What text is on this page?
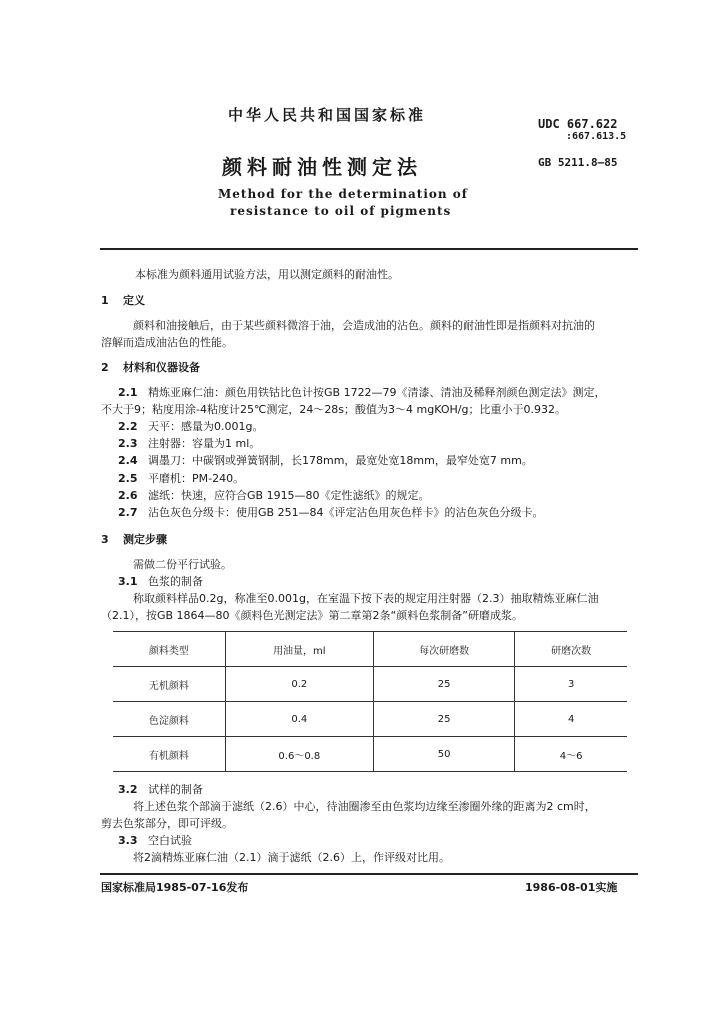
中华人民共和国国家标准	UDC 667.622
:667.613.5
颜料耐油性测定法	GB 5211.8—85
Method for the determination of
resistance to oil of pigments
本标准为颜料通用试验方法，用以测定颜料的耐油性。
1 定义
颜料和油接触后，由于某些颜料微溶于油，会造成油的沾色。颜料的耐油性即是指颜料对抗油的
溶解而造成油沾色的性能。
2 材料和仪器设备
2.1 精炼亚麻仁油：颜色用铁钴比色计按GB 1722—79《清漆、清油及稀释剂颜色测定法》测定，
不大于9；粘度用涂-4粘度计25℃测定，24～28s；酸值为3～4 mgKOH/g；比重小于0.932。
2.2 天平：感量为0.001g。
2.3 注射器：容量为1 ml。
2.4 调墨刀：中碳钢或弹簧钢制，长178mm，最宽处宽18mm，最窄处宽7 mm。
2.5 平磨机：PM-240。
2.6 滤纸：快速，应符合GB 1915—80《定性滤纸》的规定。
2.7 沾色灰色分级卡：使用GB 251—84《评定沾色用灰色样卡》的沾色灰色分级卡。
3 测定步骤
需做二份平行试验。
3.1 色浆的制备
称取颜料样品0.2g，称准至0.001g，在室温下按下表的规定用注射器（2.3）抽取精炼亚麻仁油
（2.1），按GB 1864—80《颜料色光测定法》第二章第2条“颜料色浆制备”研磨成浆。
颜料类型	用油量，ml	每次研磨数	研磨次数
无机颜料	0.2	25	3
色淀颜料	0.4	25	4
有机颜料	0.6～0.8	50	4～6
3.2 试样的制备
将上述色浆个部滴于滤纸（2.6）中心，待油圈渗至由色浆均边缘至渗圈外缘的距离为2 cm时，
剪去色浆部分，即可评级。
3.3 空白试验
将2滴精炼亚麻仁油（2.1）滴于滤纸（2.6）上，作评级对比用。
国家标准局1985-07-16发布	1986-08-01实施
